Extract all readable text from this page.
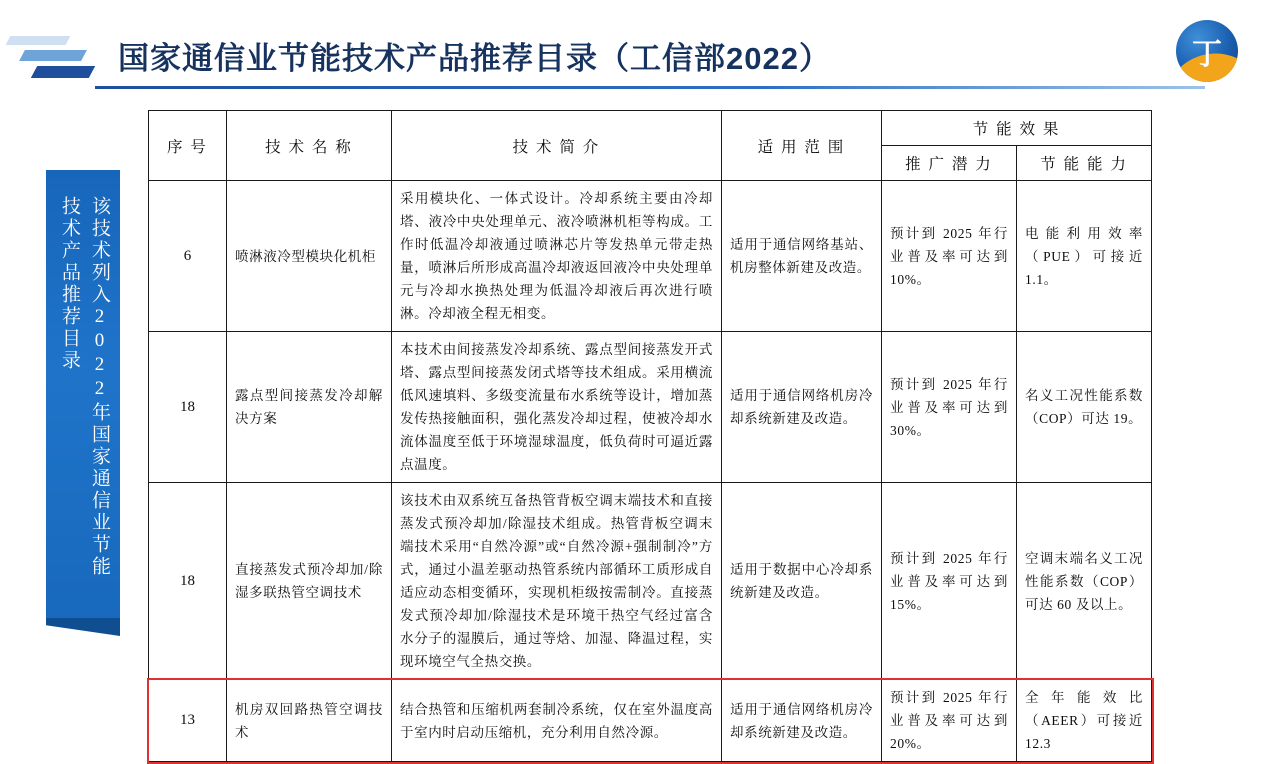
国家通信业节能技术产品推荐目录（工信部2022）	丁
该技术列入2022年国家通信业节能技术产品推荐目录
序 号	技 术 名 称	技 术 简 介	适 用 范 围	节 能 效 果	
				推 广 潜 力	节 能 能 力
6	喷淋液冷型模块化机柜	采用模块化、一体式设计。冷却系统主要由冷却塔、液冷中央处理单元、液冷喷淋机柜等构成。工作时低温冷却液通过喷淋芯片等发热单元带走热量，喷淋后所形成高温冷却液返回液冷中央处理单元与冷却水换热处理为低温冷却液后再次进行喷淋。冷却液全程无相变。	适用于通信网络基站、机房整体新建及改造。	预计到 2025 年行业普及率可达到 10%。	电能利用效率（PUE）可接近 1.1。
18	露点型间接蒸发冷却解决方案	本技术由间接蒸发冷却系统、露点型间接蒸发开式塔、露点型间接蒸发闭式塔等技术组成。采用横流低风速填料、多级变流量布水系统等设计，增加蒸发传热接触面积，强化蒸发冷却过程，使被冷却水流体温度至低于环境湿球温度，低负荷时可逼近露点温度。	适用于通信网络机房冷却系统新建及改造。	预计到 2025 年行业普及率可达到 30%。	名义工况性能系数（COP）可达 19。
18	直接蒸发式预冷却加/除湿多联热管空调技术	该技术由双系统互备热管背板空调末端技术和直接蒸发式预冷却加/除湿技术组成。热管背板空调末端技术采用“自然冷源”或“自然冷源+强制制冷”方式，通过小温差驱动热管系统内部循环工质形成自适应动态相变循环，实现机柜级按需制冷。直接蒸发式预冷却加/除湿技术是环境干热空气经过富含水分子的湿膜后，通过等焓、加湿、降温过程，实现环境空气全热交换。	适用于数据中心冷却系统新建及改造。	预计到 2025 年行业普及率可达到 15%。	空调末端名义工况性能系数（COP）可达 60 及以上。
13	机房双回路热管空调技术	结合热管和压缩机两套制冷系统，仅在室外温度高于室内时启动压缩机，充分利用自然冷源。	适用于通信网络机房冷却系统新建及改造。	预计到 2025 年行业普及率可达到 20%。	全年能效比（AEER）可接近 12.3
